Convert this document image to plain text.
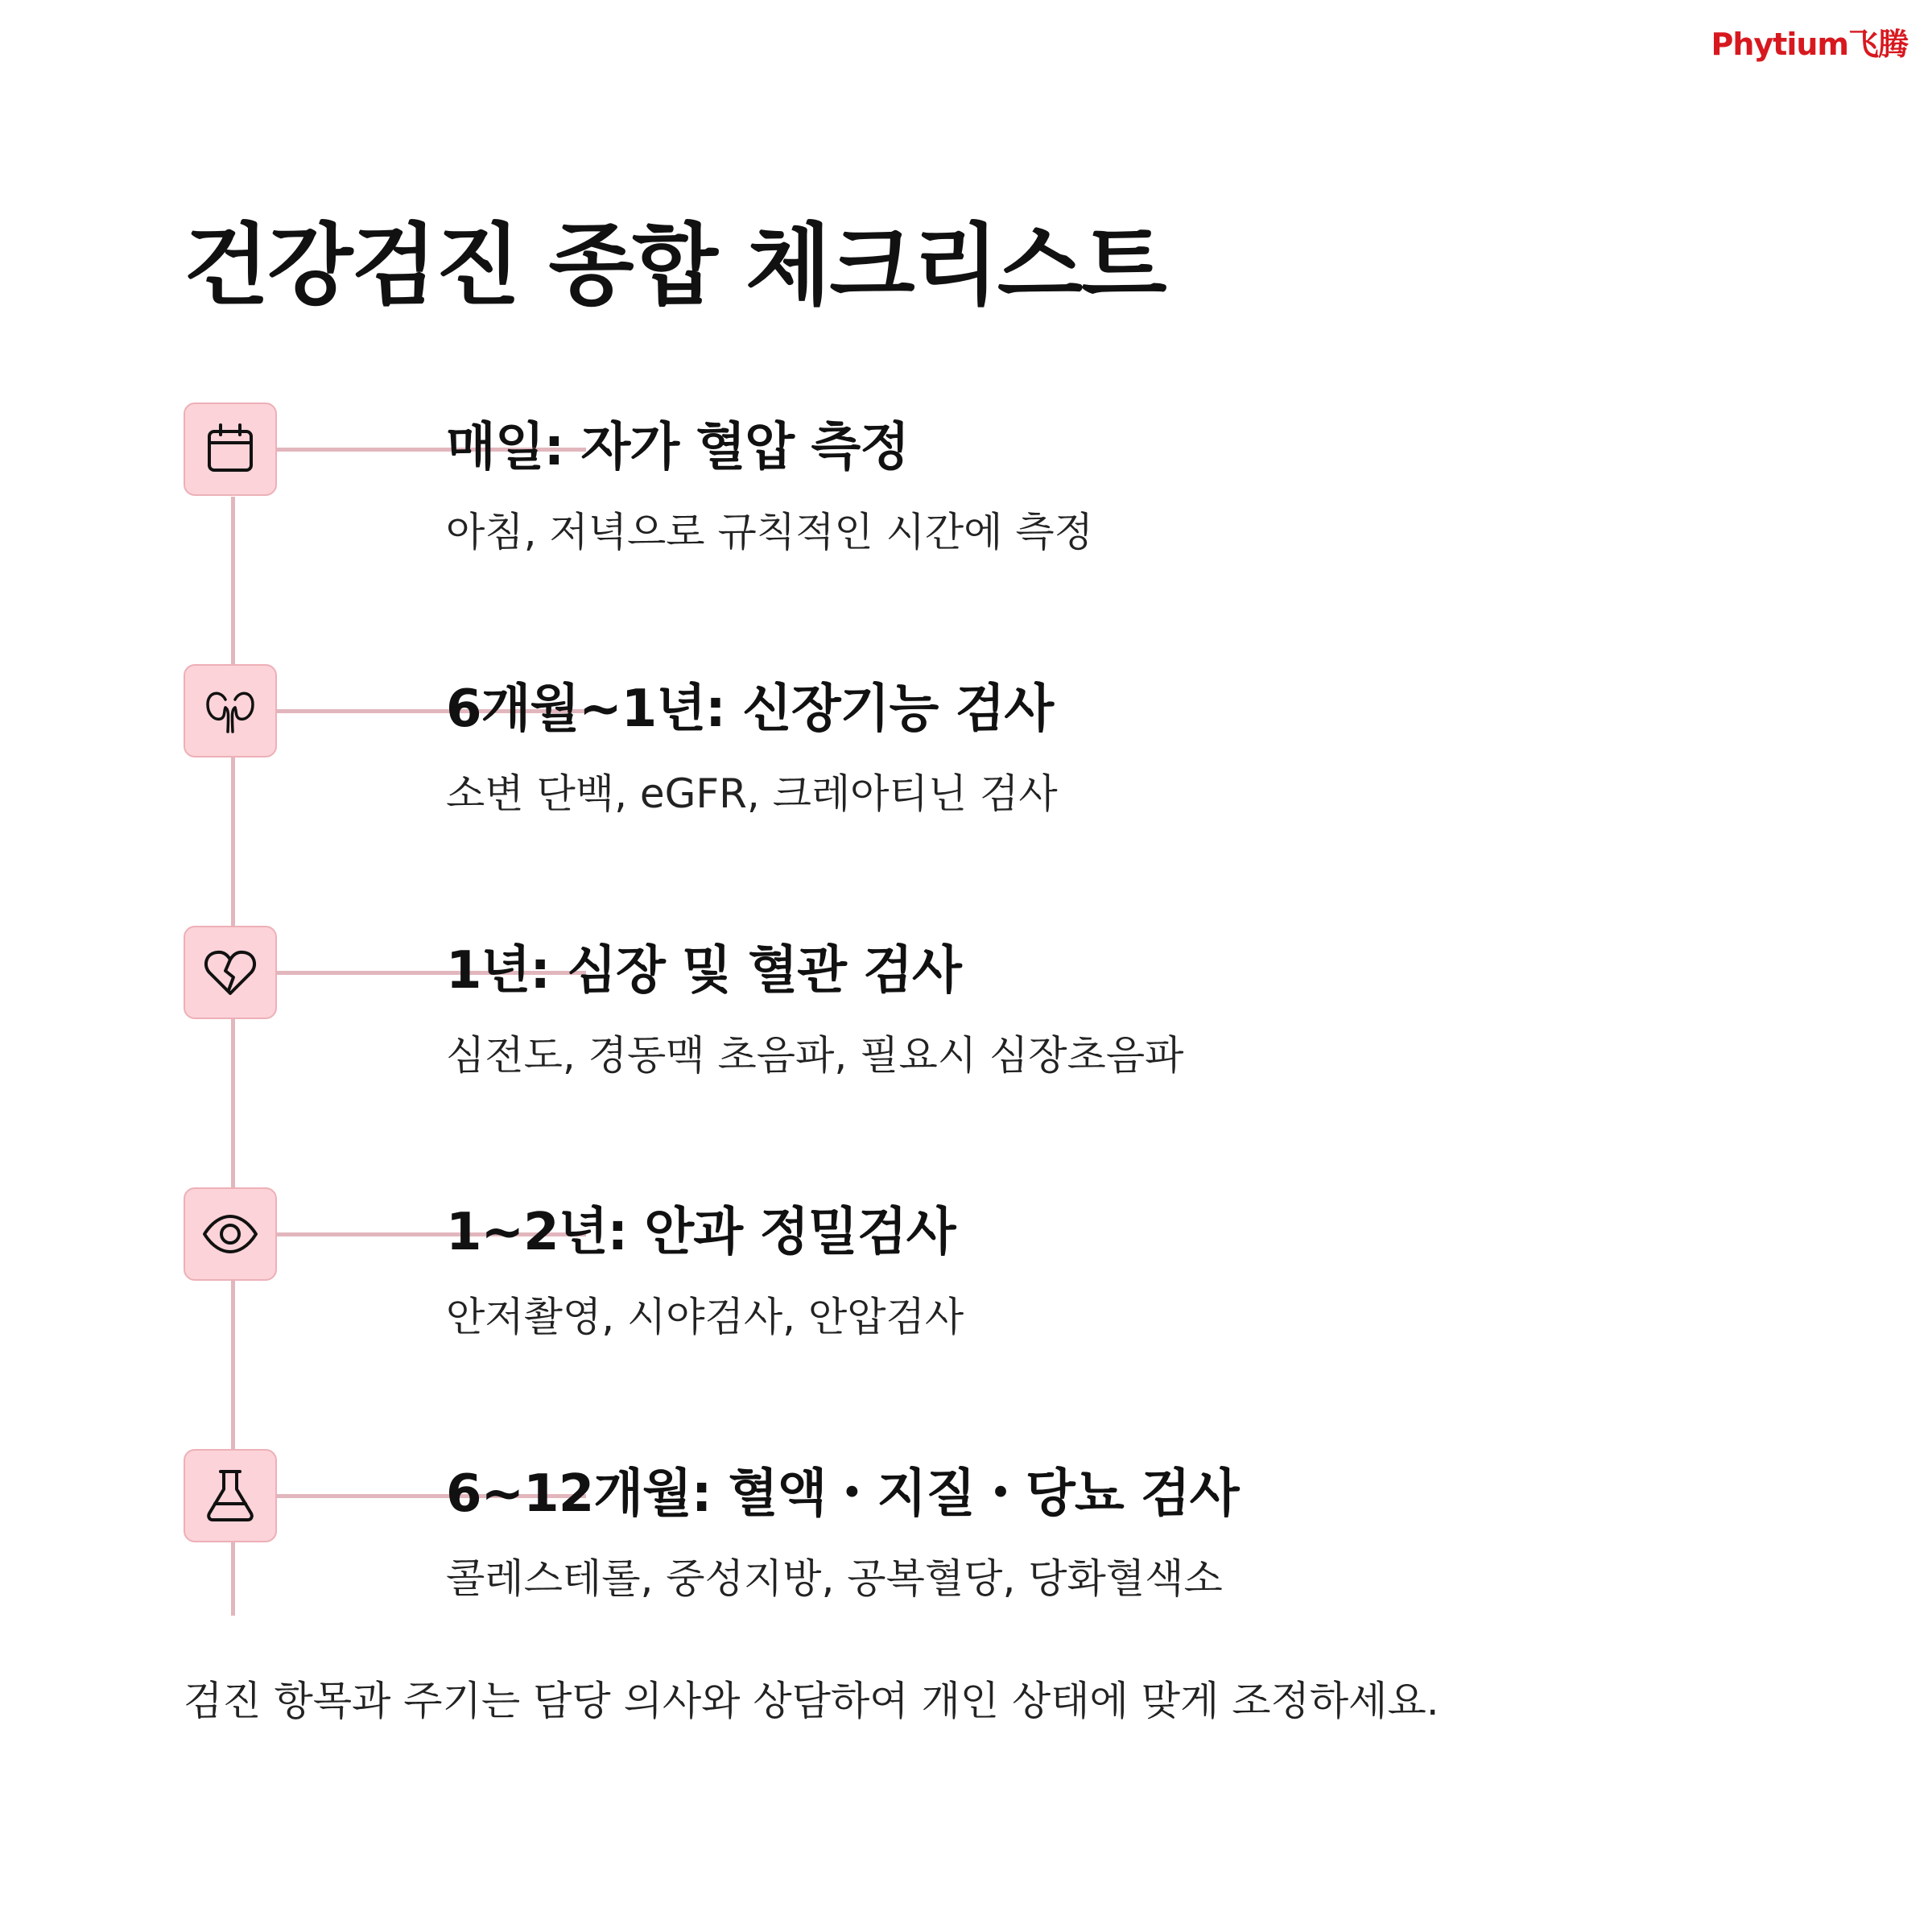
Phytium飞腾
건강검진 종합 체크리스트
매일: 자가 혈압 측정
아침, 저녁으로 규칙적인 시간에 측정
6개월~1년: 신장기능 검사
소변 단백, eGFR, 크레아티닌 검사
1년: 심장 및 혈관 검사
심전도, 경동맥 초음파, 필요시 심장초음파
1~2년: 안과 정밀검사
안저촬영, 시야검사, 안압검사
6~12개월: 혈액・지질・당뇨 검사
콜레스테롤, 중성지방, 공복혈당, 당화혈색소
검진 항목과 주기는 담당 의사와 상담하여 개인 상태에 맞게 조정하세요.
